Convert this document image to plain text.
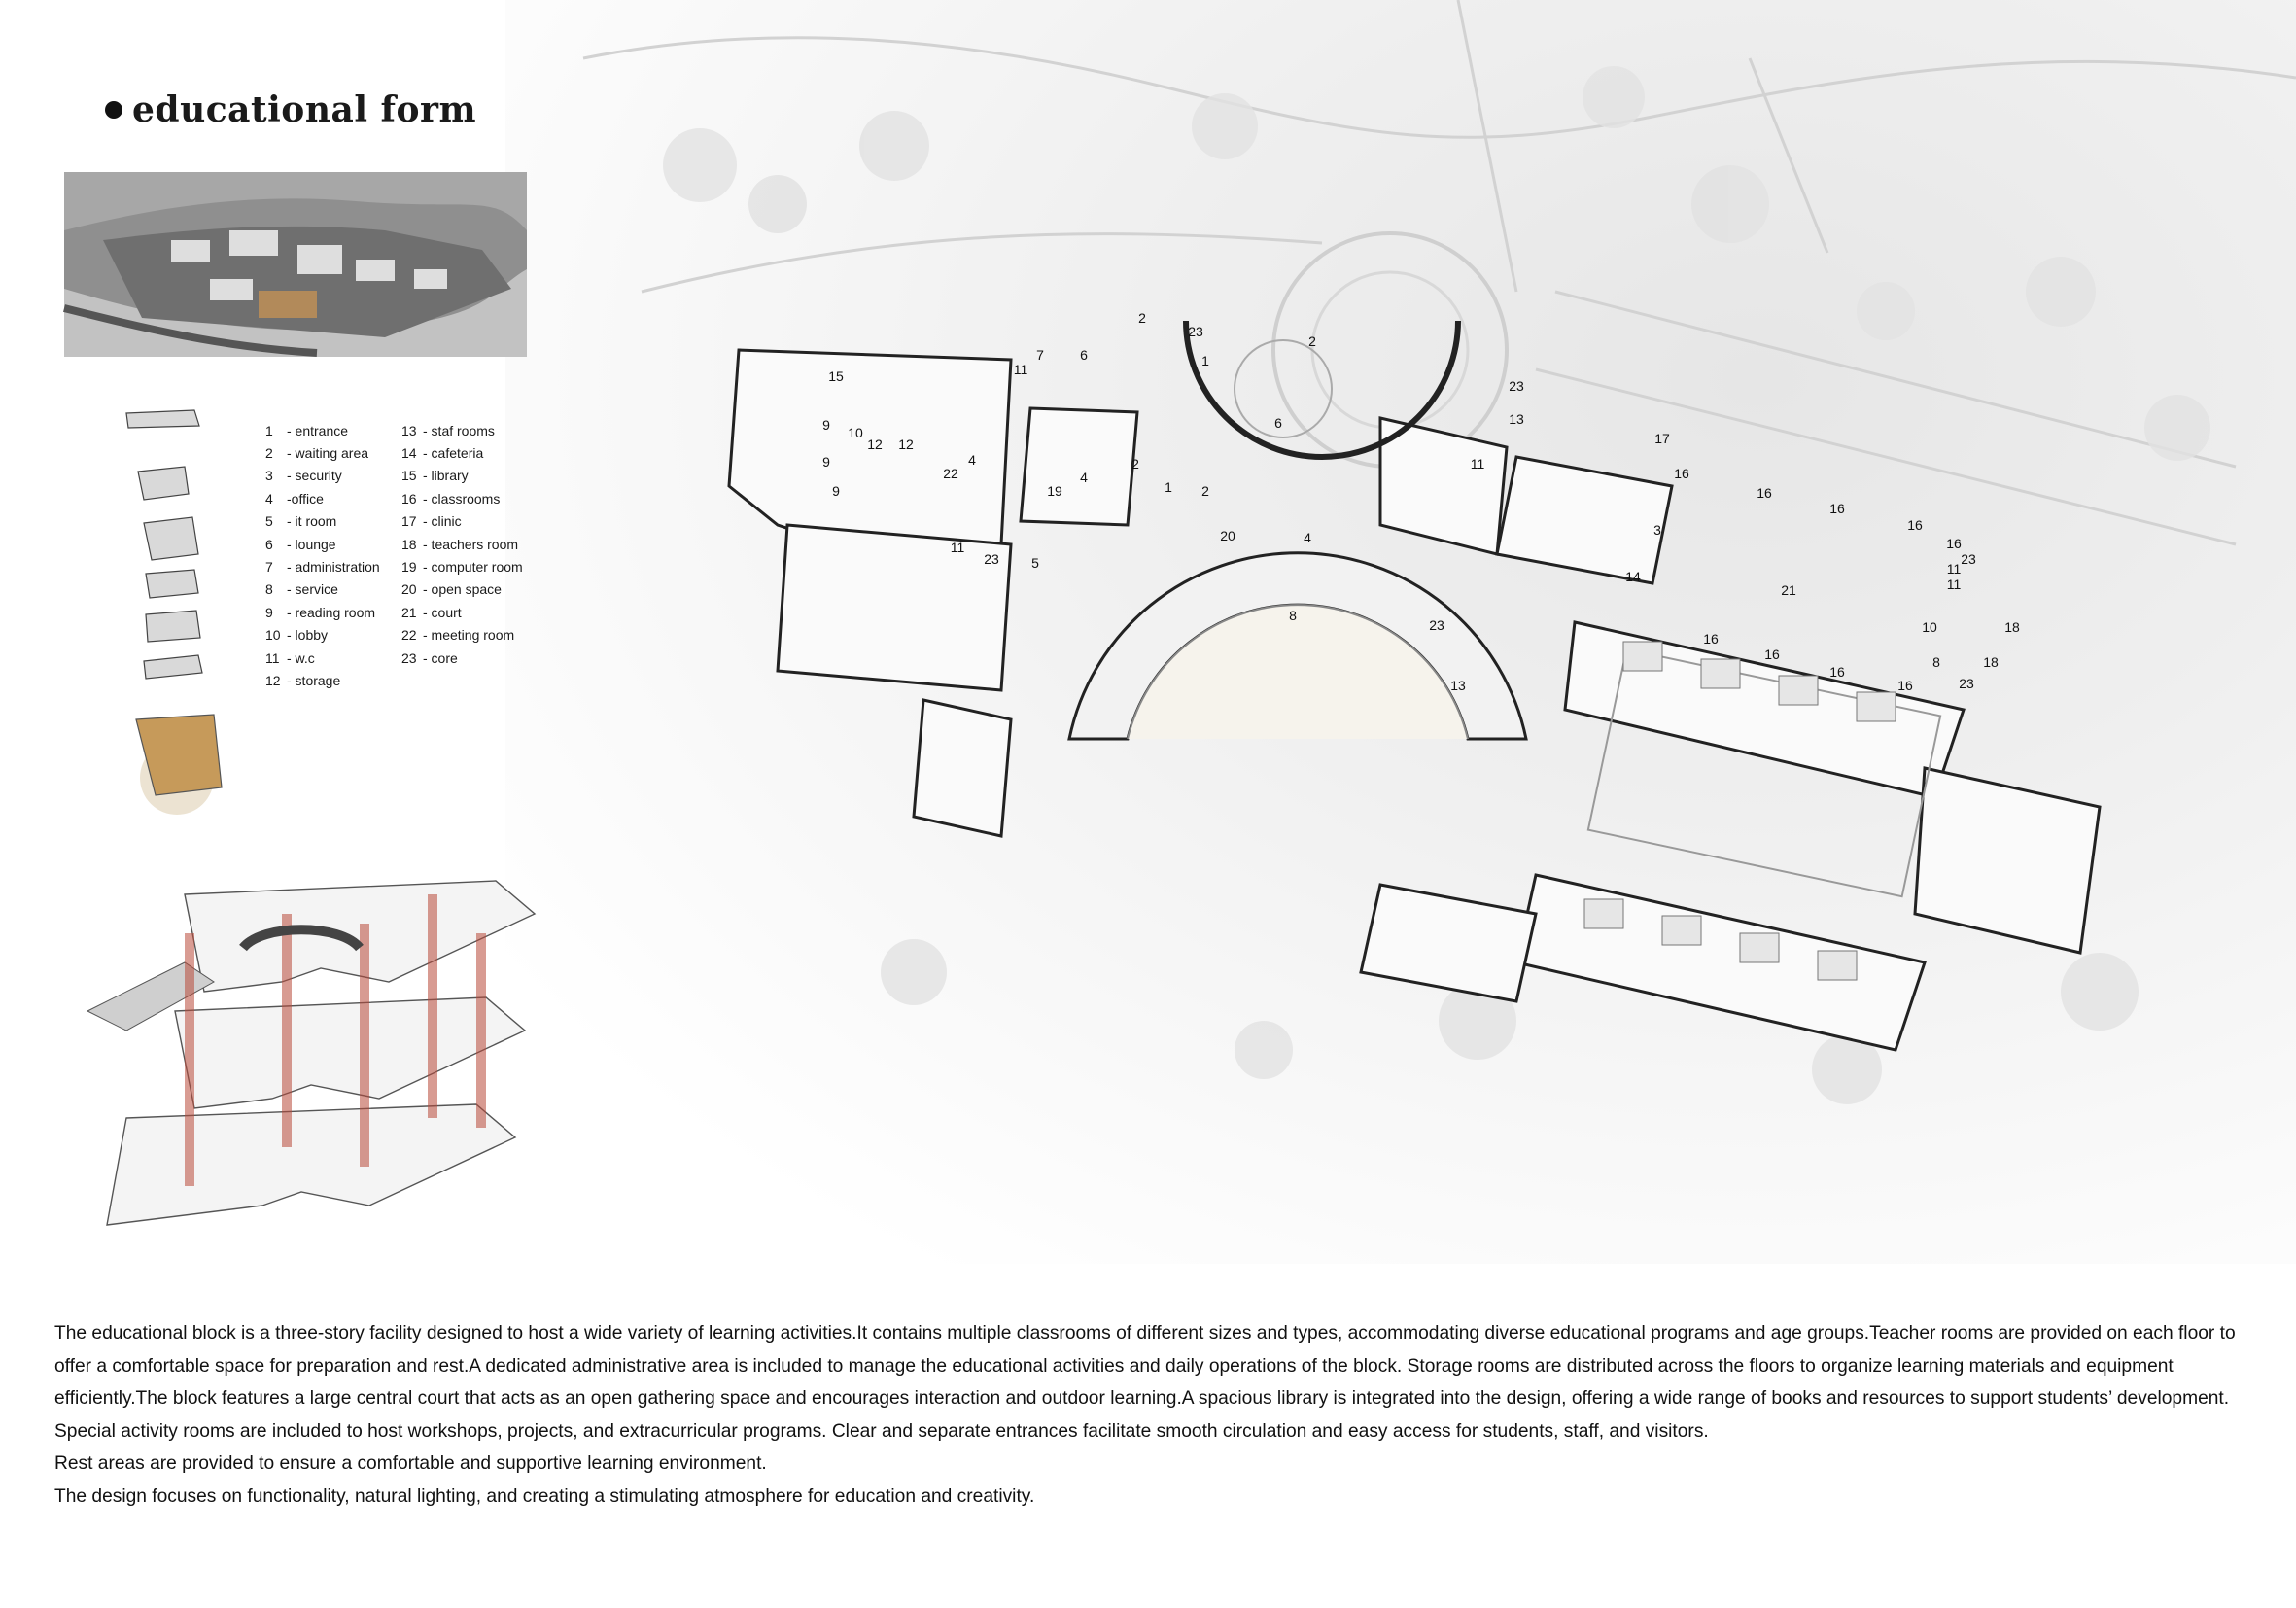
educational form
1	- entrance
2	- waiting area
3	- security
4	-office
5	- it room
6	- lounge
7	- administration
8	- service
9	- reading room
10 - lobby
11 - w.c
12 - storage
13 - staf rooms
14 - cafeteria
15 - library
16 - classrooms
17 - clinic
18 - teachers room
19 - computer room
20 - open space
21 - court
22 - meeting room
23 - core
1
1
2
2
2
2
3
4
4
4
5
6
6
7
8
8
9
9
9
10
10
11
11
11
11
11
12 12
13
13
14
15
16
16
16
16
16
16
16
16
16
17
18
18
19
20
21
22
23
23
23
23
23
23

The educational block is a three-story facility designed to host a wide variety of learning activities.It contains multiple classrooms of different sizes and types, accommodating diverse educational programs and age groups.Teacher rooms are provided on each floor to

offer a comfortable space for preparation and rest.A dedicated administrative area is included to manage the educational activities and daily operations of the block. Storage rooms are distributed across the floors to organize learning materials and equipment

efficiently.The block features a large central court that acts as an open gathering space and encourages interaction and outdoor learning.A spacious library is integrated into the design, offering a wide range of books and resources to support students’ development.

Special activity rooms are included to host workshops, projects, and extracurricular programs. Clear and separate entrances facilitate smooth circulation and easy access for students, staff, and visitors.

Rest areas are provided to ensure a comfortable and supportive learning environment.

The design focuses on functionality, natural lighting, and creating a stimulating atmosphere for education and creativity.
